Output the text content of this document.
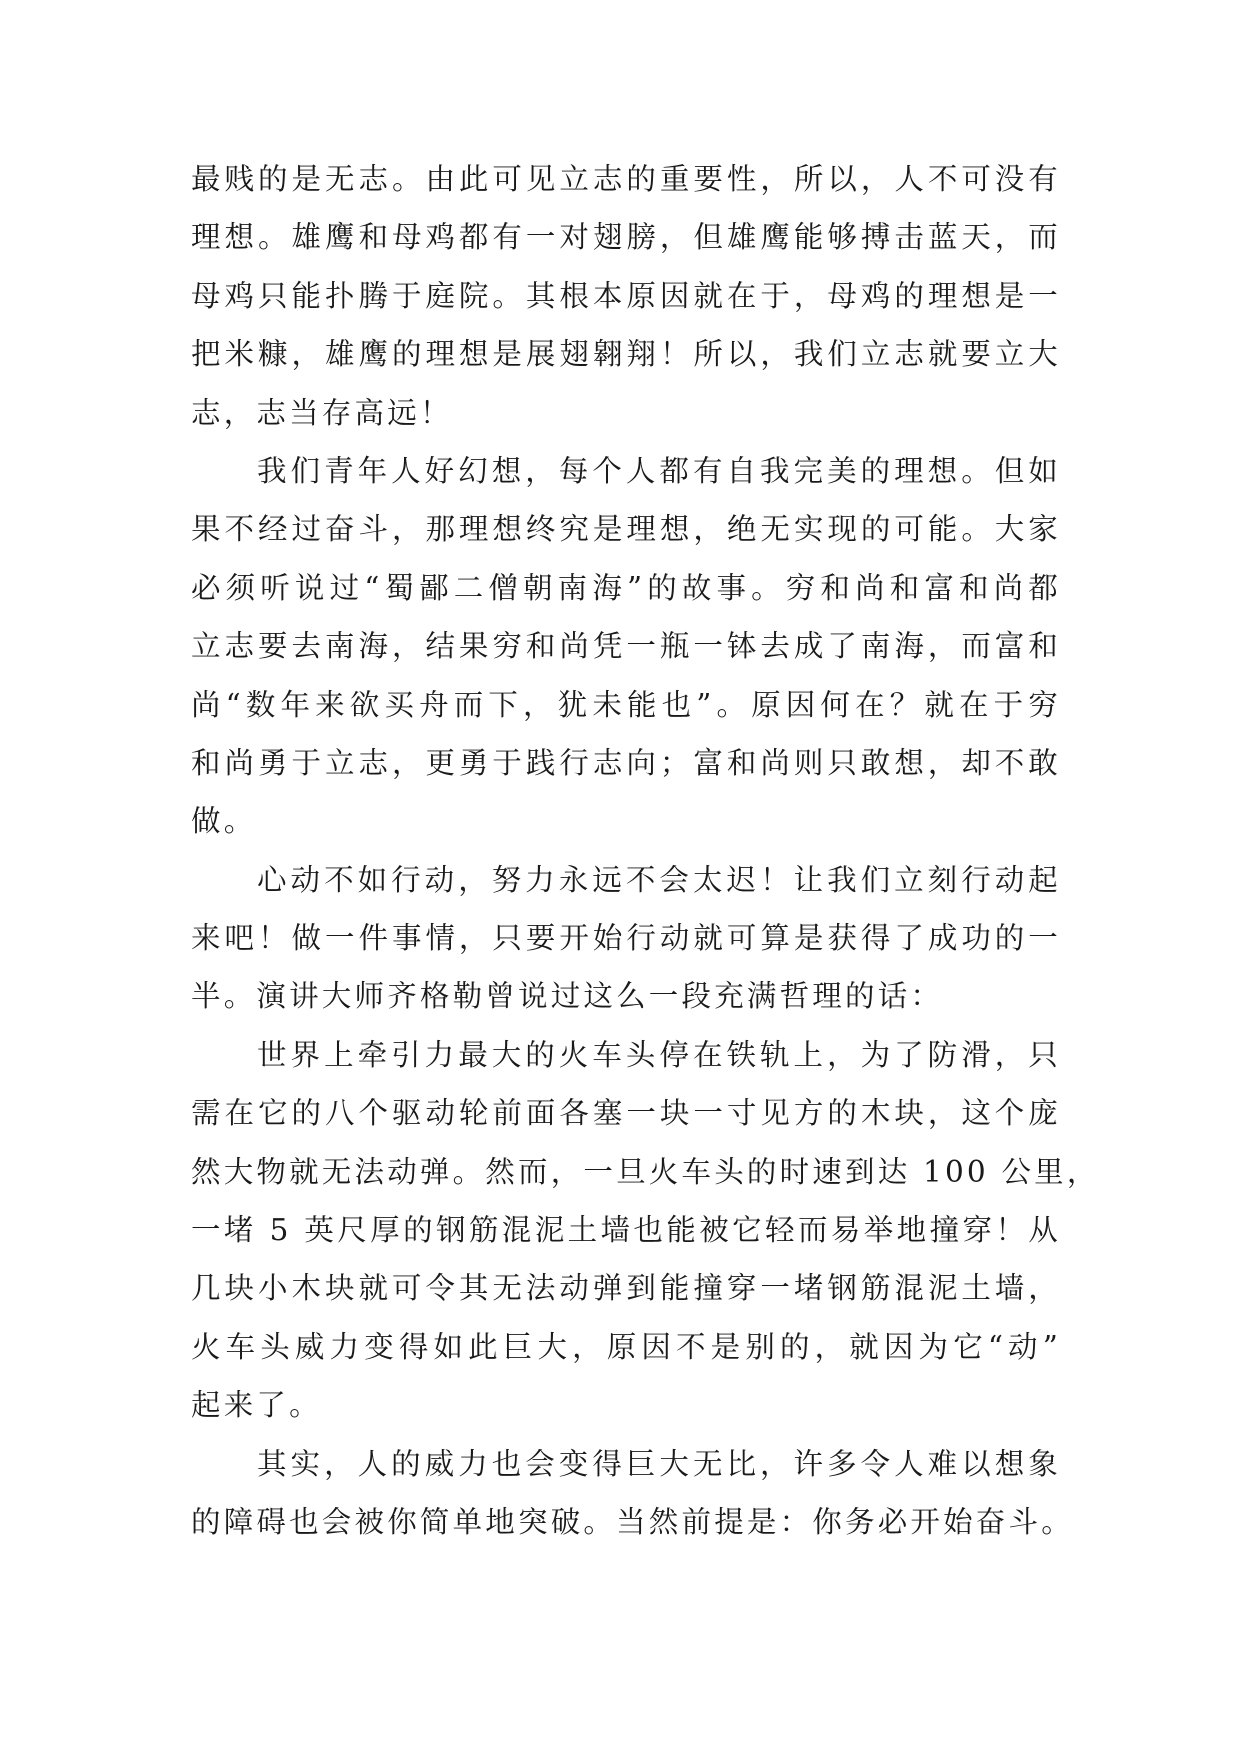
最贱的是无志。由此可见立志的重要性，所以，人不可没有
理想。雄鹰和母鸡都有一对翅膀，但雄鹰能够搏击蓝天，而
母鸡只能扑腾于庭院。其根本原因就在于，母鸡的理想是一
把米糠，雄鹰的理想是展翅翱翔！所以，我们立志就要立大
志，志当存高远！
我们青年人好幻想，每个人都有自我完美的理想。但如
果不经过奋斗，那理想终究是理想，绝无实现的可能。大家
必须听说过“蜀鄙二僧朝南海”的故事。穷和尚和富和尚都
立志要去南海，结果穷和尚凭一瓶一钵去成了南海，而富和
尚“数年来欲买舟而下，犹未能也”。原因何在？就在于穷
和尚勇于立志，更勇于践行志向；富和尚则只敢想，却不敢
做。
心动不如行动，努力永远不会太迟！让我们立刻行动起
来吧！做一件事情，只要开始行动就可算是获得了成功的一
半。演讲大师齐格勒曾说过这么一段充满哲理的话：
世界上牵引力最大的火车头停在铁轨上，为了防滑，只
需在它的八个驱动轮前面各塞一块一寸见方的木块，这个庞
然大物就无法动弹。然而，一旦火车头的时速到达 100 公里，
一堵 5 英尺厚的钢筋混泥土墙也能被它轻而易举地撞穿！从
几块小木块就可令其无法动弹到能撞穿一堵钢筋混泥土墙，
火车头威力变得如此巨大，原因不是别的，就因为它“动”
起来了。
其实，人的威力也会变得巨大无比，许多令人难以想象
的障碍也会被你简单地突破。当然前提是：你务必开始奋斗。
